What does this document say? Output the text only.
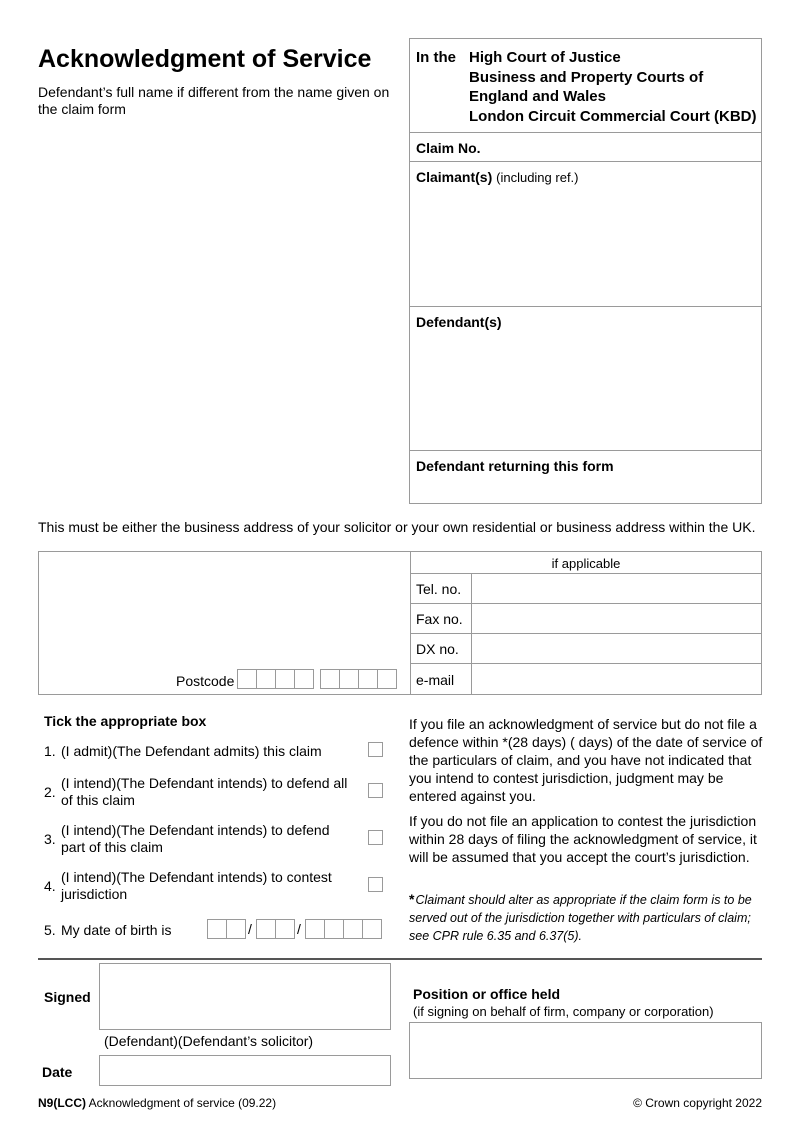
Acknowledgment of Service
Defendant’s full name if different from the name given on the claim form
In the High Court of Justice
Business and Property Courts of
England and Wales
London Circuit Commercial Court (KBD)
Claim No.
Claimant(s) (including ref.)
Defendant(s)
Defendant returning this form
This must be either the business address of your solicitor or your own residential or business address within the UK.
Postcode
if applicable
Tel. no.
Fax no.
DX no.
e-mail
Tick the appropriate box
1. (I admit)(The Defendant admits) this claim
2.
(I intend)(The Defendant intends) to defend all of this claim
3.
(I intend)(The Defendant intends) to defend part of this claim
4.
(I intend)(The Defendant intends) to contest jurisdiction
5. My date of birth is	/	/
If you file an acknowledgment of service but do not file a defence within *(28 days) ( days) of the date of service of the particulars of claim, and you have not indicated that you intend to contest jurisdiction, judgment may be entered against you.
If you do not file an application to contest the jurisdiction within 28 days of filing the acknowledgment of service, it will be assumed that you accept the court’s jurisdiction.
* Claimant should alter as appropriate if the claim form is to be served out of the jurisdiction together with particulars of claim; see CPR rule 6.35 and 6.37(5).
Signed
(Defendant)(Defendant’s solicitor)
Date
Position or office held
(if signing on behalf of firm, company or corporation)
N9(LCC) Acknowledgment of service (09.22)	© Crown copyright 2022
